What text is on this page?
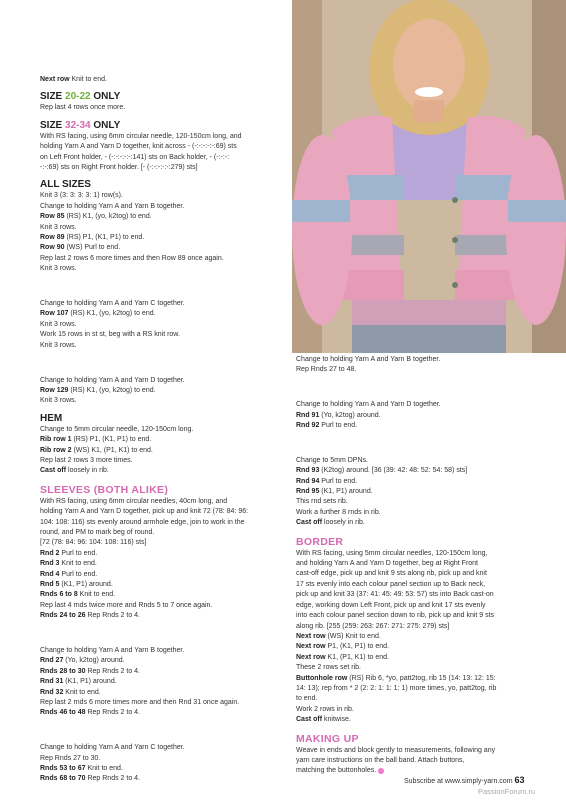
Next row Knit to end.

SIZE 20-22 ONLY

Rep last 4 rows once more.

SIZE 32-34 ONLY

With RS facing, using 6mm circular needle, 120-150cm long, and

holding Yarn A and Yarn D together, knit across - (-:-:-:-:-:69) sts

on Left Front holder, - (-:-:-:-:-:141) sts on Back holder, - (-:-:-:

-:-:69) sts on Right Front holder. [- (-:-:-:-:-:279) sts]

ALL SIZES

Knit 3 (3: 3: 3: 3: 1) row(s).

Change to holding Yarn A and Yarn B together.

Row 85 (RS) K1, (yo, k2tog) to end.

Knit 3 rows.

Row 89 (RS) P1, (K1, P1) to end.

Row 90 (WS) Purl to end.

Rep last 2 rows 6 more times and then Row 89 once again.

Knit 3 rows.

Change to holding Yarn A and Yarn C together.

Row 107 (RS) K1, (yo, k2tog) to end.

Knit 3 rows.

Work 15 rows in st st, beg with a RS knit row.

Knit 3 rows.

Change to holding Yarn A and Yarn D together.

Row 129 (RS) K1, (yo, k2tog) to end.

Knit 3 rows.

HEM

Change to 5mm circular needle, 120-150cm long.

Rib row 1 (RS) P1, (K1, P1) to end.

Rib row 2 (WS) K1, (P1, K1) to end.

Rep last 2 rows 3 more times.

Cast off loosely in rib.

SLEEVES (BOTH ALIKE)

With RS facing, using 6mm circular needles, 40cm long, and

holding Yarn A and Yarn D together, pick up and knit 72 (78: 84: 96:

104: 108: 116) sts evenly around armhole edge, join to work in the

round, and PM to mark beg of round.

[72 (78: 84: 96: 104: 108: 116) sts]

Rnd 2 Purl to end.

Rnd 3 Knit to end.

Rnd 4 Purl to end.

Rnd 5 (K1, P1) around.

Rnds 6 to 8 Knit to end.

Rep last 4 rnds twice more and Rnds 5 to 7 once again.

Rnds 24 to 26 Rep Rnds 2 to 4.

Change to holding Yarn A and Yarn B together.

Rnd 27 (Yo, k2tog) around.

Rnds 28 to 30 Rep Rnds 2 to 4.

Rnd 31 (K1, P1) around.

Rnd 32 Knit to end.

Rep last 2 rnds 6 more times more and then Rnd 31 once again.

Rnds 46 to 48 Rep Rnds 2 to 4.

Change to holding Yarn A and Yarn C together.

Rep Rnds 27 to 30.

Rnds 53 to 67 Knit to end.

Rnds 68 to 70 Rep Rnds 2 to 4.

Change to holding Yarn A and Yarn B together.

Rep Rnds 27 to 48.

Change to holding Yarn A and Yarn D together.

Rnd 91 (Yo, k2tog) around.

Rnd 92 Purl to end.

Change to 5mm DPNs.

Rnd 93 (K2tog) around. [36 (39: 42: 48: 52: 54: 58) sts]

Rnd 94 Purl to end.

Rnd 95 (K1, P1) around.

This rnd sets rib.

Work a further 8 rnds in rib.

Cast off loosely in rib.

BORDER

With RS facing, using 5mm circular needles, 120-150cm long,

and holding Yarn A and Yarn D together, beg at Right Front

cast-off edge, pick up and knit 9 sts along rib, pick up and knit

17 sts evenly into each colour panel section up to Back neck,

pick up and knit 33 (37: 41: 45: 49: 53: 57) sts into Back cast-on

edge, working down Left Front, pick up and knit 17 sts evenly

into each colour panel section down to rib, pick up and knit 9 sts

along rib. [255 (259: 263: 267: 271: 275: 279) sts]

Next row (WS) Knit to end.

Next row P1, (K1, P1) to end.

Next row K1, (P1, K1) to end.

These 2 rows set rib.

Buttonhole row (RS) Rib 6, *yo, patt2tog, rib 15 (14: 13: 12: 15:

14: 13); rep from * 2 (2: 2: 1: 1: 1: 1) more times, yo, patt2tog, rib

to end.

Work 2 rows in rib.

Cast off knitwise.

MAKING UP

Weave in ends and block gently to measurements, following any

yarn care instructions on the ball band. Attach buttons,

matching the buttonholes.

Subscribe at www.simply-yarn.com 63
PassionForum.ru
